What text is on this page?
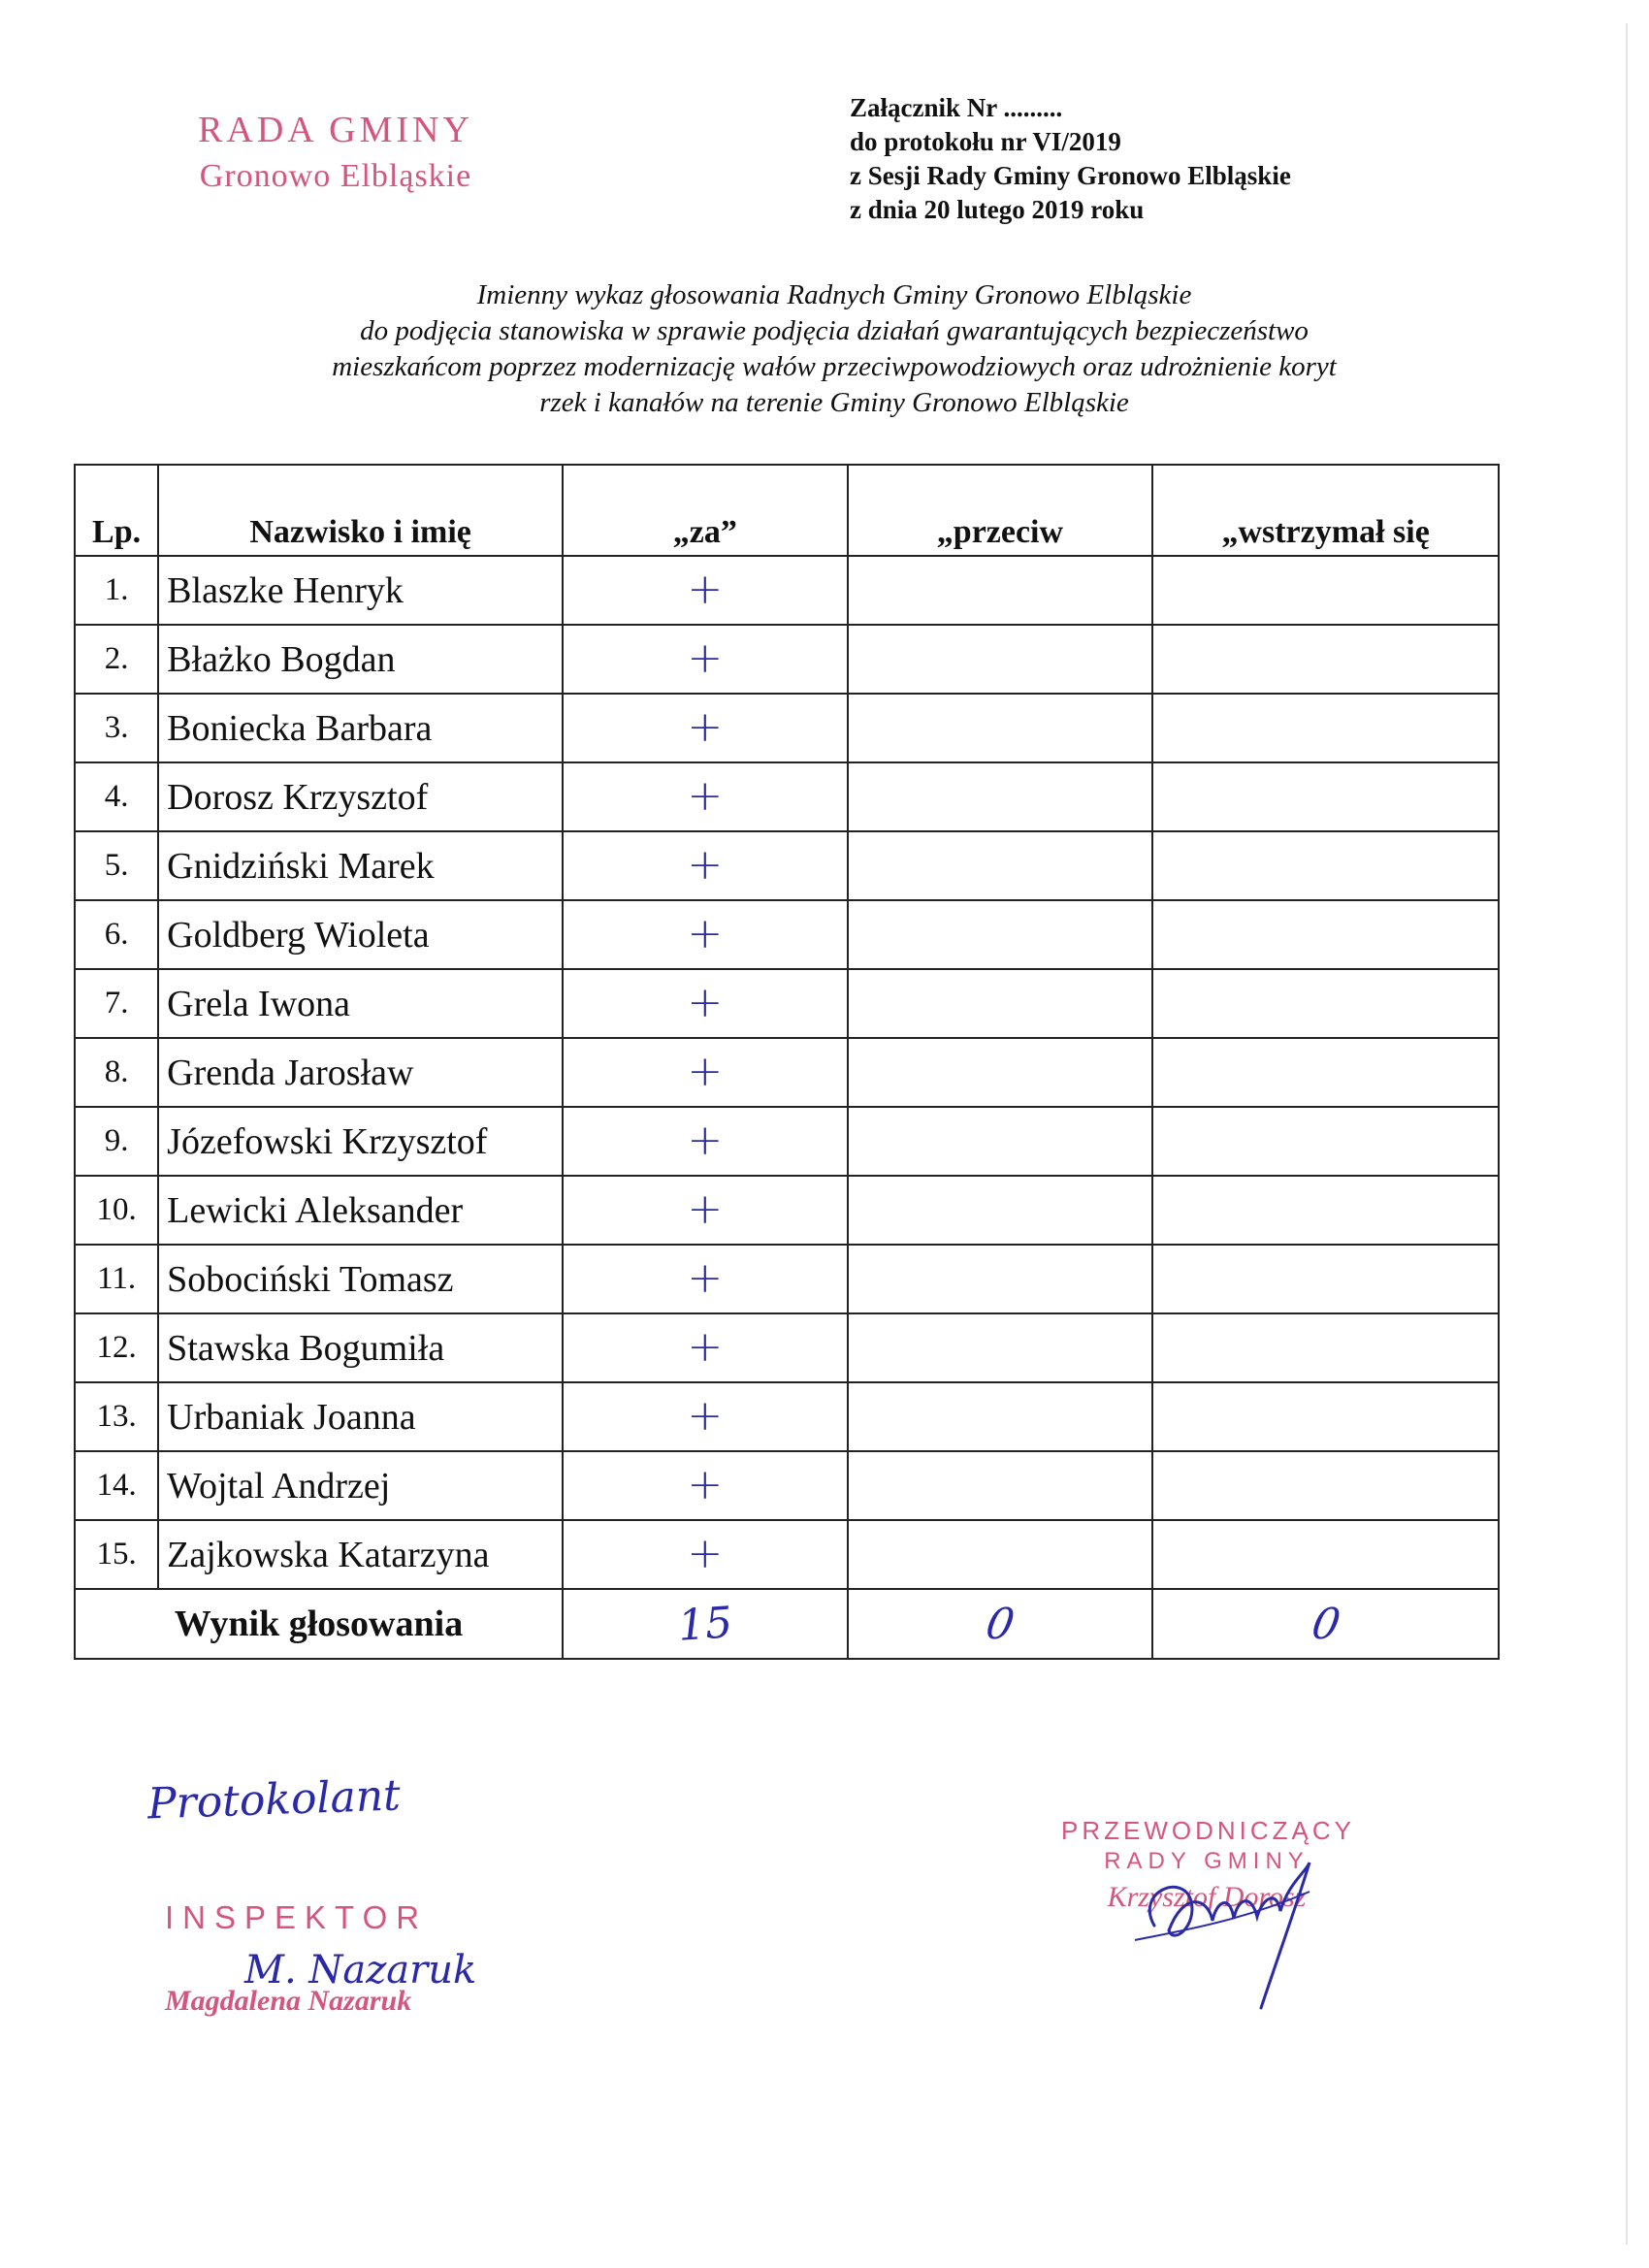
RADA GMINY
Gronowo Elbląskie
Załącznik Nr .........
do protokołu nr VI/2019
z Sesji Rady Gminy Gronowo Elbląskie
z dnia 20 lutego 2019 roku
Imienny wykaz głosowania Radnych Gminy Gronowo Elbląskie
do podjęcia stanowiska w sprawie podjęcia działań gwarantujących bezpieczeństwo
mieszkańcom poprzez modernizację wałów przeciwpowodziowych oraz udrożnienie koryt
rzek i kanałów na terenie Gminy Gronowo Elbląskie
Lp.	Nazwisko i imię	„za”	„przeciw	„wstrzymał się
1.	Blaszke Henryk	+		
2.	Błażko Bogdan	+		
3.	Boniecka Barbara	+		
4.	Dorosz Krzysztof	+		
5.	Gnidziński Marek	+		
6.	Goldberg Wioleta	+		
7.	Grela Iwona	+		
8.	Grenda Jarosław	+		
9.	Józefowski Krzysztof	+		
10.	Lewicki Aleksander	+		
11.	Sobociński Tomasz	+		
12.	Stawska Bogumiła	+		
13.	Urbaniak Joanna	+		
14.	Wojtal Andrzej	+		
15.	Zajkowska Katarzyna	+		
Wynik głosowania		15	0	0
Protokolant
INSPEKTOR
M. Nazaruk
Magdalena Nazaruk
PRZEWODNICZĄCY
RADY GMINY
Krzysztof Dorosz
